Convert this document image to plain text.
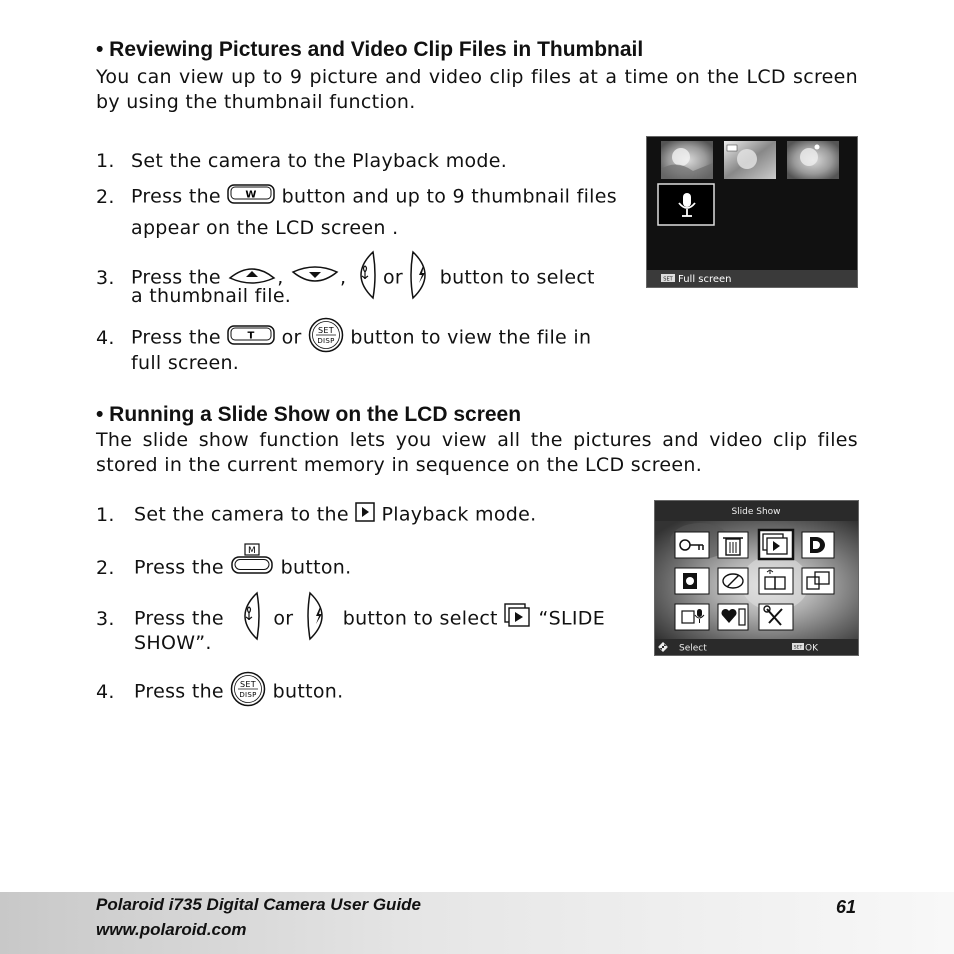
• Reviewing Pictures and Video Clip Files in Thumbnail
You can view up to 9 picture and video clip files at a time on the LCD screen by using the thumbnail function.
1. Set the camera to the Playback mode.
2. Press the W button and up to 9 thumbnail files
appear on the LCD screen .
3. Press the	,	, or button to select
a thumbnail file.
4. Press the	T or SET
DISP button to view the file in
full screen.
SET Full screen
• Running a Slide Show on the LCD screen
The slide show function lets you view all the pictures and video clip files stored in the current memory in sequence on the LCD screen.
1. Set the camera to the Playback mode.
2. Press the
M
button.
3. Press the	or	button to select “SLIDE
SHOW”.
4. Press the SET
DISP button.
Slide Show
Select	SET OK
Polaroid i735 Digital Camera User Guide
www.polaroid.com
61
